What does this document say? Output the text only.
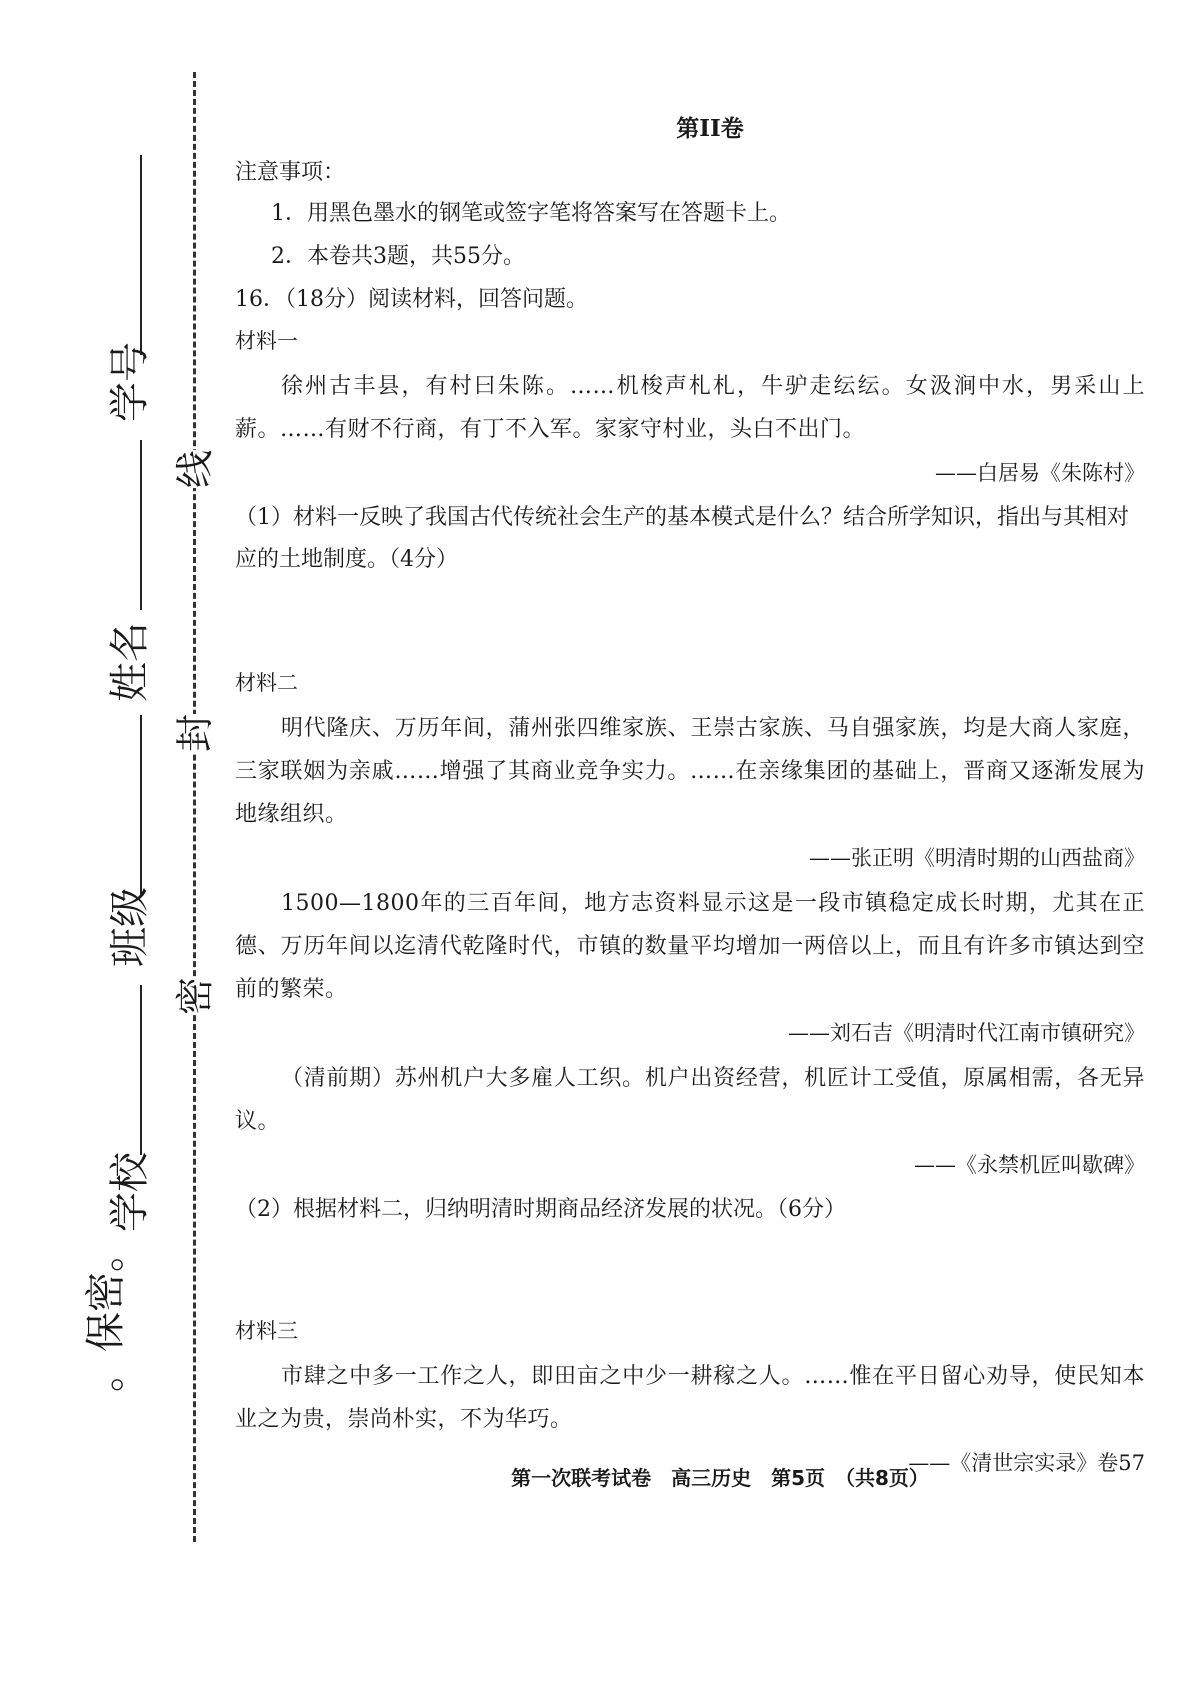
线
封
密
学号
姓名
班级
学校
。保密。
第II卷
注意事项：
1．用黑色墨水的钢笔或签字笔将答案写在答题卡上。
2．本卷共3题，共55分。
16．（18分）阅读材料，回答问题。
材料一

徐州古丰县，有村曰朱陈。……机梭声札札，牛驴走纭纭。女汲涧中水，男采山上薪。……有财不行商，有丁不入军。家家守村业，头白不出门。

——白居易《朱陈村》

（1）材料一反映了我国古代传统社会生产的基本模式是什么？结合所学知识，指出与其相对应的土地制度。（4分）

材料二

明代隆庆、万历年间，蒲州张四维家族、王崇古家族、马自强家族，均是大商人家庭，三家联姻为亲戚……增强了其商业竞争实力。……在亲缘集团的基础上，晋商又逐渐发展为地缘组织。

——张正明《明清时期的山西盐商》

1500—1800年的三百年间，地方志资料显示这是一段市镇稳定成长时期，尤其在正德、万历年间以迄清代乾隆时代，市镇的数量平均增加一两倍以上，而且有许多市镇达到空前的繁荣。

——刘石吉《明清时代江南市镇研究》

（清前期）苏州机户大多雇人工织。机户出资经营，机匠计工受值，原属相需，各无异议。

——《永禁机匠叫歇碑》

（2）根据材料二，归纳明清时期商品经济发展的状况。（6分）

材料三

市肆之中多一工作之人，即田亩之中少一耕稼之人。……惟在平日留心劝导，使民知本业之为贵，崇尚朴实，不为华巧。

——《清世宗实录》卷57
第一次联考试卷　高三历史　第5页　（共8页）
